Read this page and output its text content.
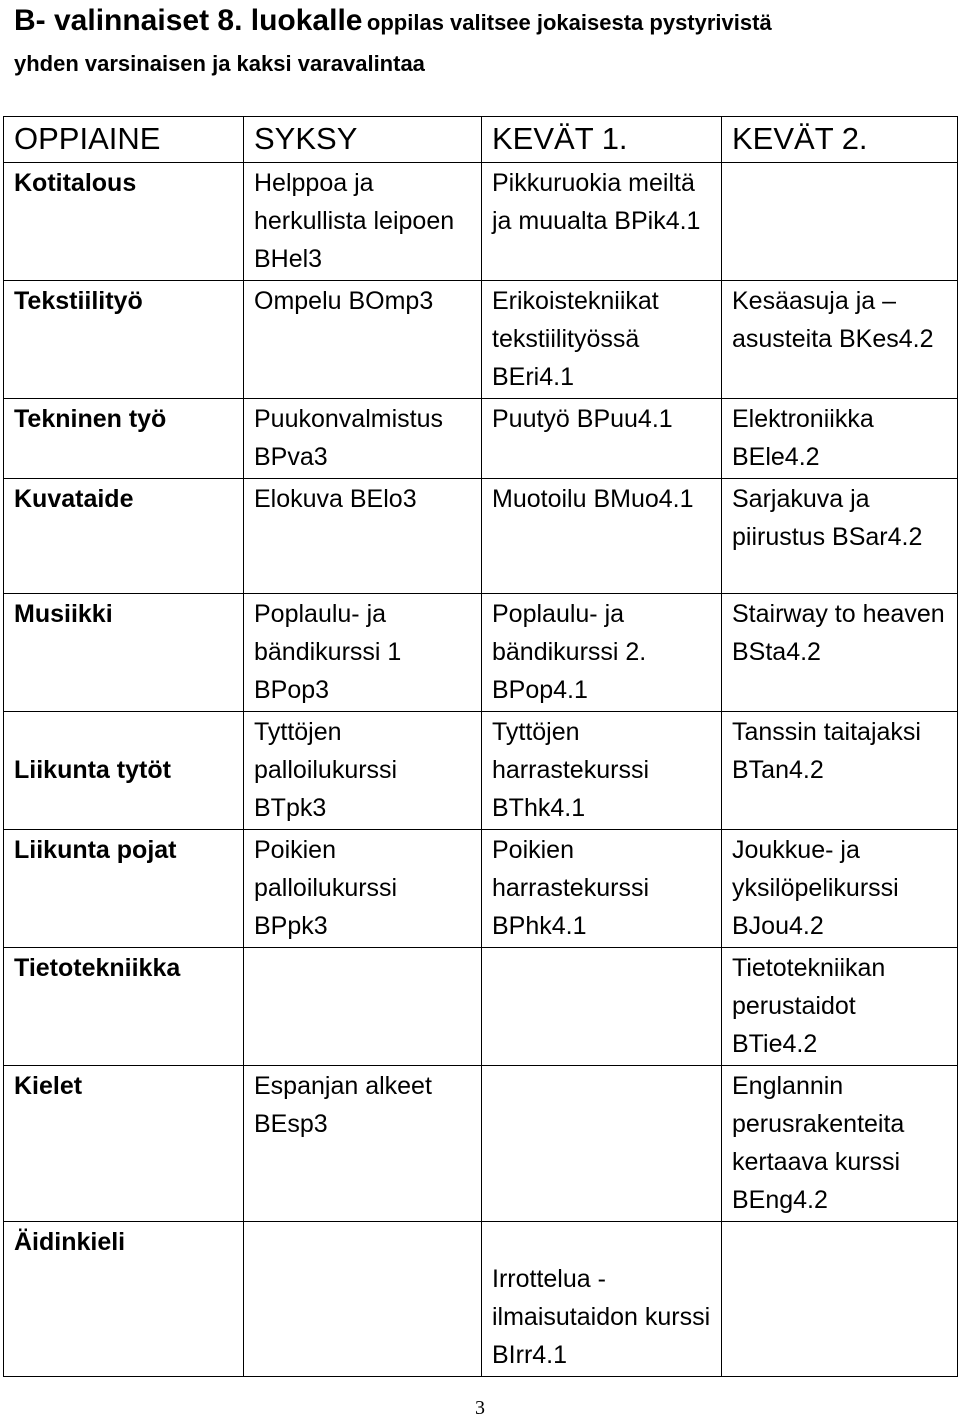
B- valinnaiset 8. luokalle oppilas valitsee jokaisesta pystyrivistä
yhden varsinaisen ja kaksi varavalintaa
OPPIAINE	SYKSY	KEVÄT 1.	KEVÄT 2.
Kotitalous	Helppoa ja herkullista leipoen BHel3	Pikkuruokia meiltä ja muualta BPik4.1	
Tekstiilityö	Ompelu BOmp3	Erikoistekniikat tekstiilityössä BEri4.1	Kesäasuja ja –asusteita BKes4.2
Tekninen työ	Puukonvalmistus BPva3	Puutyö BPuu4.1	Elektroniikka BEle4.2
Kuvataide	Elokuva BElo3	Muotoilu BMuo4.1	Sarjakuva ja piirustus BSar4.2
Musiikki	Poplaulu- ja bändikurssi 1 BPop3	Poplaulu- ja bändikurssi 2. BPop4.1	Stairway to heaven BSta4.2
Liikunta tytöt	Tyttöjen palloilukurssi BTpk3	Tyttöjen harrastekurssi BThk4.1	Tanssin taitajaksi BTan4.2
Liikunta pojat	Poikien palloilukurssi BPpk3	Poikien harrastekurssi BPhk4.1	Joukkue- ja yksilöpelikurssi BJou4.2
Tietotekniikka			Tietotekniikan perustaidot BTie4.2
Kielet	Espanjan alkeet BEsp3		Englannin perusrakenteita kertaava kurssi BEng4.2
Äidinkieli		Irrottelua -ilmaisutaidon kurssi BIrr4.1	
3
